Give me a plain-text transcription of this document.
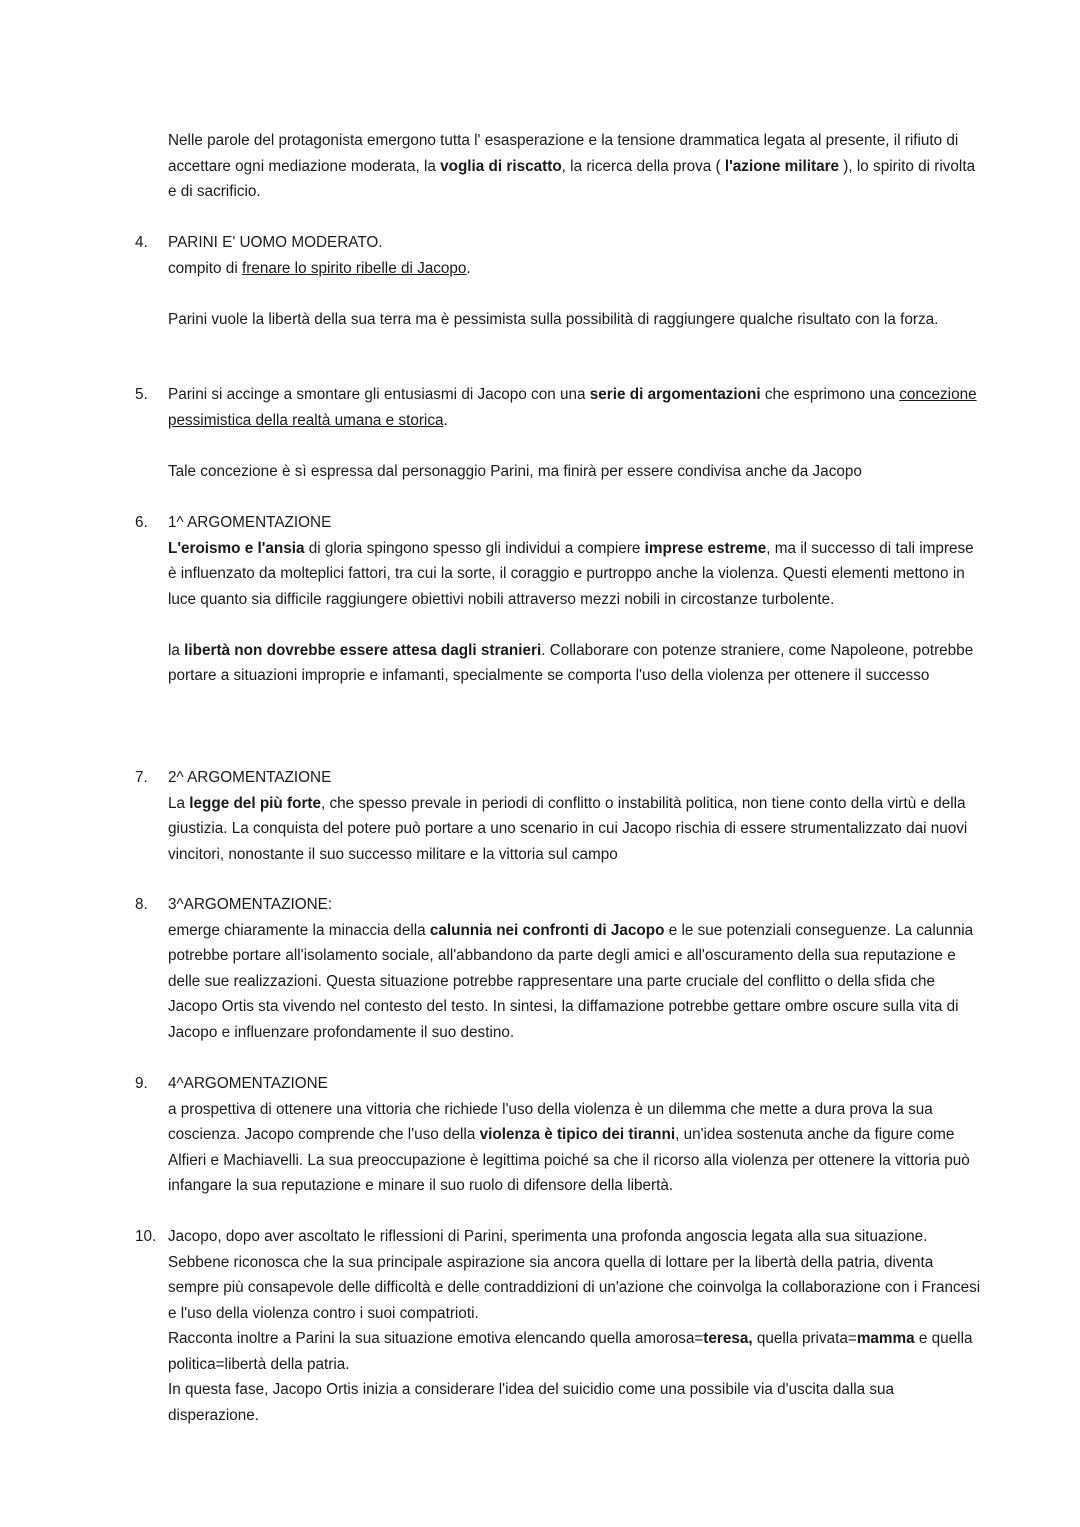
Nelle parole del protagonista emergono tutta l' esasperazione e la tensione drammatica legata al presente, il rifiuto di accettare ogni mediazione moderata, la voglia di riscatto, la ricerca della prova ( l'azione militare ), lo spirito di rivolta e di sacrificio.

4.	PARINI E' UOMO MODERATO.

compito di frenare lo spirito ribelle di Jacopo.

Parini vuole la libertà della sua terra ma è pessimista sulla possibilità di raggiungere qualche risultato con la forza.

5.	Parini si accinge a smontare gli entusiasmi di Jacopo con una serie di argomentazioni che esprimono una concezione pessimistica della realtà umana e storica.

Tale concezione è sì espressa dal personaggio Parini, ma finirà per essere condivisa anche da Jacopo

6.	1^ ARGOMENTAZIONE

L'eroismo e l'ansia di gloria spingono spesso gli individui a compiere imprese estreme, ma il successo di tali imprese è influenzato da molteplici fattori, tra cui la sorte, il coraggio e purtroppo anche la violenza. Questi elementi mettono in luce quanto sia difficile raggiungere obiettivi nobili attraverso mezzi nobili in circostanze turbolente.

la libertà non dovrebbe essere attesa dagli stranieri. Collaborare con potenze straniere, come Napoleone, potrebbe portare a situazioni improprie e infamanti, specialmente se comporta l'uso della violenza per ottenere il successo

7.	2^ ARGOMENTAZIONE

La legge del più forte, che spesso prevale in periodi di conflitto o instabilità politica, non tiene conto della virtù e della giustizia. La conquista del potere può portare a uno scenario in cui Jacopo rischia di essere strumentalizzato dai nuovi vincitori, nonostante il suo successo militare e la vittoria sul campo

8.	3^ARGOMENTAZIONE:

emerge chiaramente la minaccia della calunnia nei confronti di Jacopo e le sue potenziali conseguenze. La calunnia potrebbe portare all'isolamento sociale, all'abbandono da parte degli amici e all'oscuramento della sua reputazione e delle sue realizzazioni. Questa situazione potrebbe rappresentare una parte cruciale del conflitto o della sfida che Jacopo Ortis sta vivendo nel contesto del testo. In sintesi, la diffamazione potrebbe gettare ombre oscure sulla vita di Jacopo e influenzare profondamente il suo destino.

9.	4^ARGOMENTAZIONE

a prospettiva di ottenere una vittoria che richiede l'uso della violenza è un dilemma che mette a dura prova la sua coscienza. Jacopo comprende che l'uso della violenza è tipico dei tiranni, un'idea sostenuta anche da figure come Alfieri e Machiavelli. La sua preoccupazione è legittima poiché sa che il ricorso alla violenza per ottenere la vittoria può infangare la sua reputazione e minare il suo ruolo di difensore della libertà.

10. Jacopo, dopo aver ascoltato le riflessioni di Parini, sperimenta una profonda angoscia legata alla sua situazione. Sebbene riconosca che la sua principale aspirazione sia ancora quella di lottare per la libertà della patria, diventa sempre più consapevole delle difficoltà e delle contraddizioni di un'azione che coinvolga la collaborazione con i Francesi e l'uso della violenza contro i suoi compatrioti.

Racconta inoltre a Parini la sua situazione emotiva elencando quella amorosa=teresa, quella privata=mamma e quella politica=libertà della patria.

In questa fase, Jacopo Ortis inizia a considerare l'idea del suicidio come una possibile via d'uscita dalla sua disperazione.
